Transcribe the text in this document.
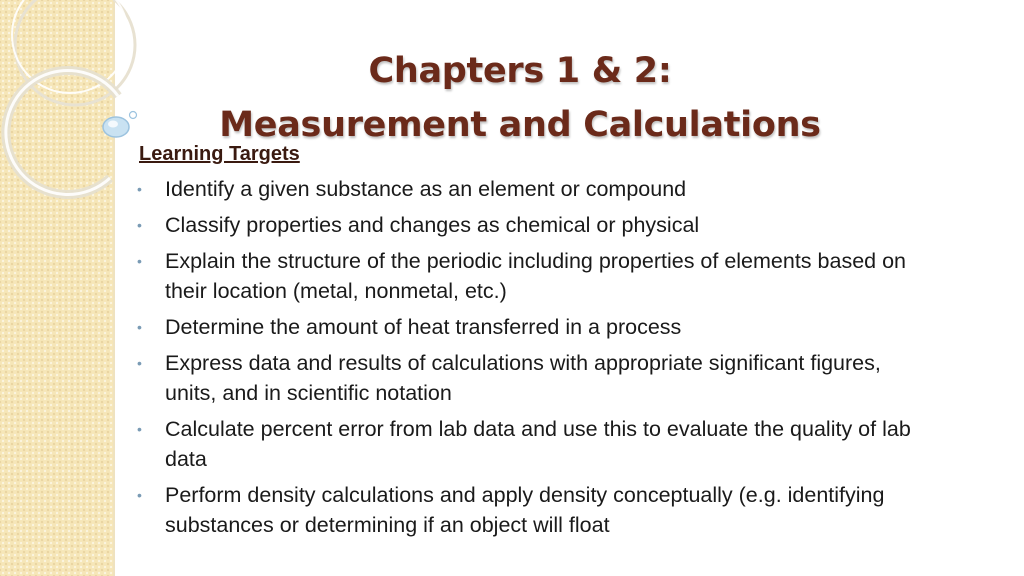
Chapters 1 & 2:
Measurement and Calculations
Learning Targets
• Identify a given substance as an element or compound
• Classify properties and changes as chemical or physical
• Explain the structure of the periodic including properties of elements based on their location (metal, nonmetal, etc.)
• Determine the amount of heat transferred in a process
• Express data and results of calculations with appropriate significant figures, units, and in scientific notation
• Calculate percent error from lab data and use this to evaluate the quality of lab data
• Perform density calculations and apply density conceptually (e.g. identifying substances or determining if an object will float
